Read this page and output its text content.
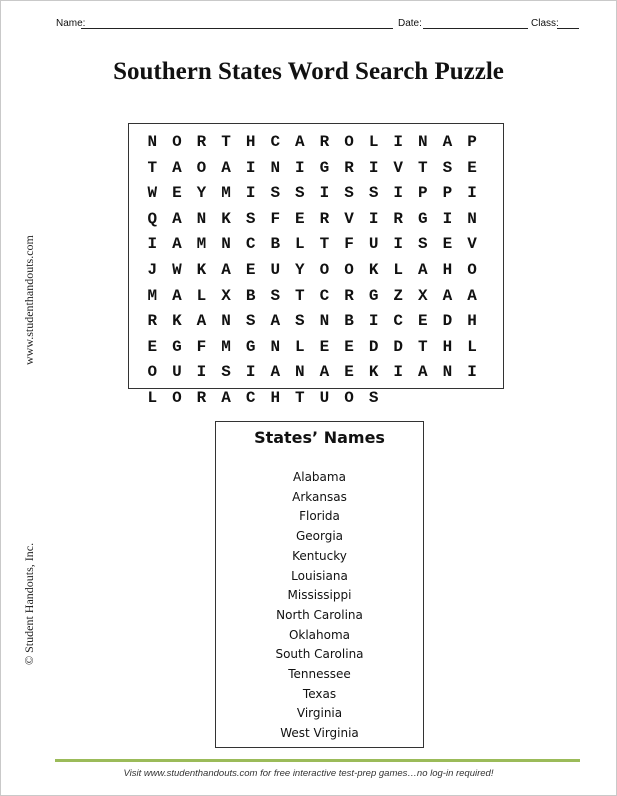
Name:	Date:	Class:
www.studenthandouts.com
© Student Handouts, Inc.
Southern States Word Search Puzzle
N O R T H C A R O L I N A P
T A O A I N I G R I V T S E
W E Y M I S S I S S I P P I
Q A N K S F E R V I R G I N
I A M N C B L T F U I S E V
J W K A E U Y O O K L A H O
M A L X B S T C R G Z X A A
R K A N S A S N B I C E D H
E G F M G N L E E D D T H L
O U I S I A N A E K I A N I
L O R A C H T U O S
States’ Names
Alabama
Arkansas
Florida
Georgia
Kentucky
Louisiana
Mississippi
North Carolina
Oklahoma
South Carolina
Tennessee
Texas
Virginia
West Virginia
Visit www.studenthandouts.com for free interactive test-prep games…no log-in required!
